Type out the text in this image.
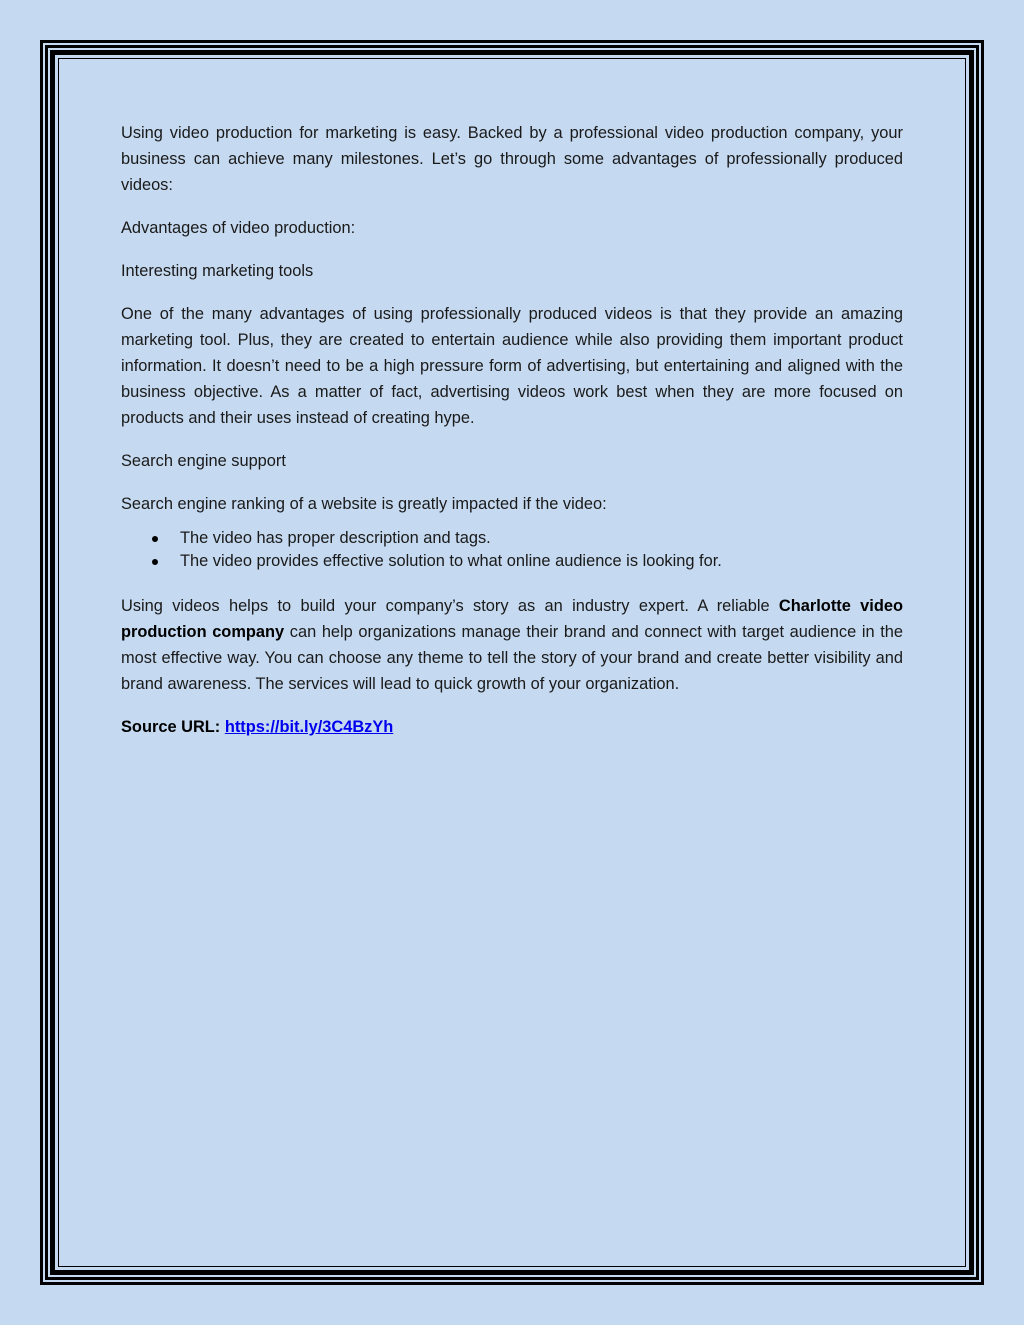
Using video production for marketing is easy. Backed by a professional video production company, your business can achieve many milestones. Let’s go through some advantages of professionally produced videos:

Advantages of video production:

Interesting marketing tools

One of the many advantages of using professionally produced videos is that they provide an amazing marketing tool. Plus, they are created to entertain audience while also providing them important product information. It doesn’t need to be a high pressure form of advertising, but entertaining and aligned with the business objective. As a matter of fact, advertising videos work best when they are more focused on products and their uses instead of creating hype.

Search engine support

Search engine ranking of a website is greatly impacted if the video:

The video has proper description and tags.
The video provides effective solution to what online audience is looking for.

Using videos helps to build your company’s story as an industry expert. A reliable Charlotte video production company can help organizations manage their brand and connect with target audience in the most effective way. You can choose any theme to tell the story of your brand and create better visibility and brand awareness. The services will lead to quick growth of your organization.

Source URL: https://bit.ly/3C4BzYh
